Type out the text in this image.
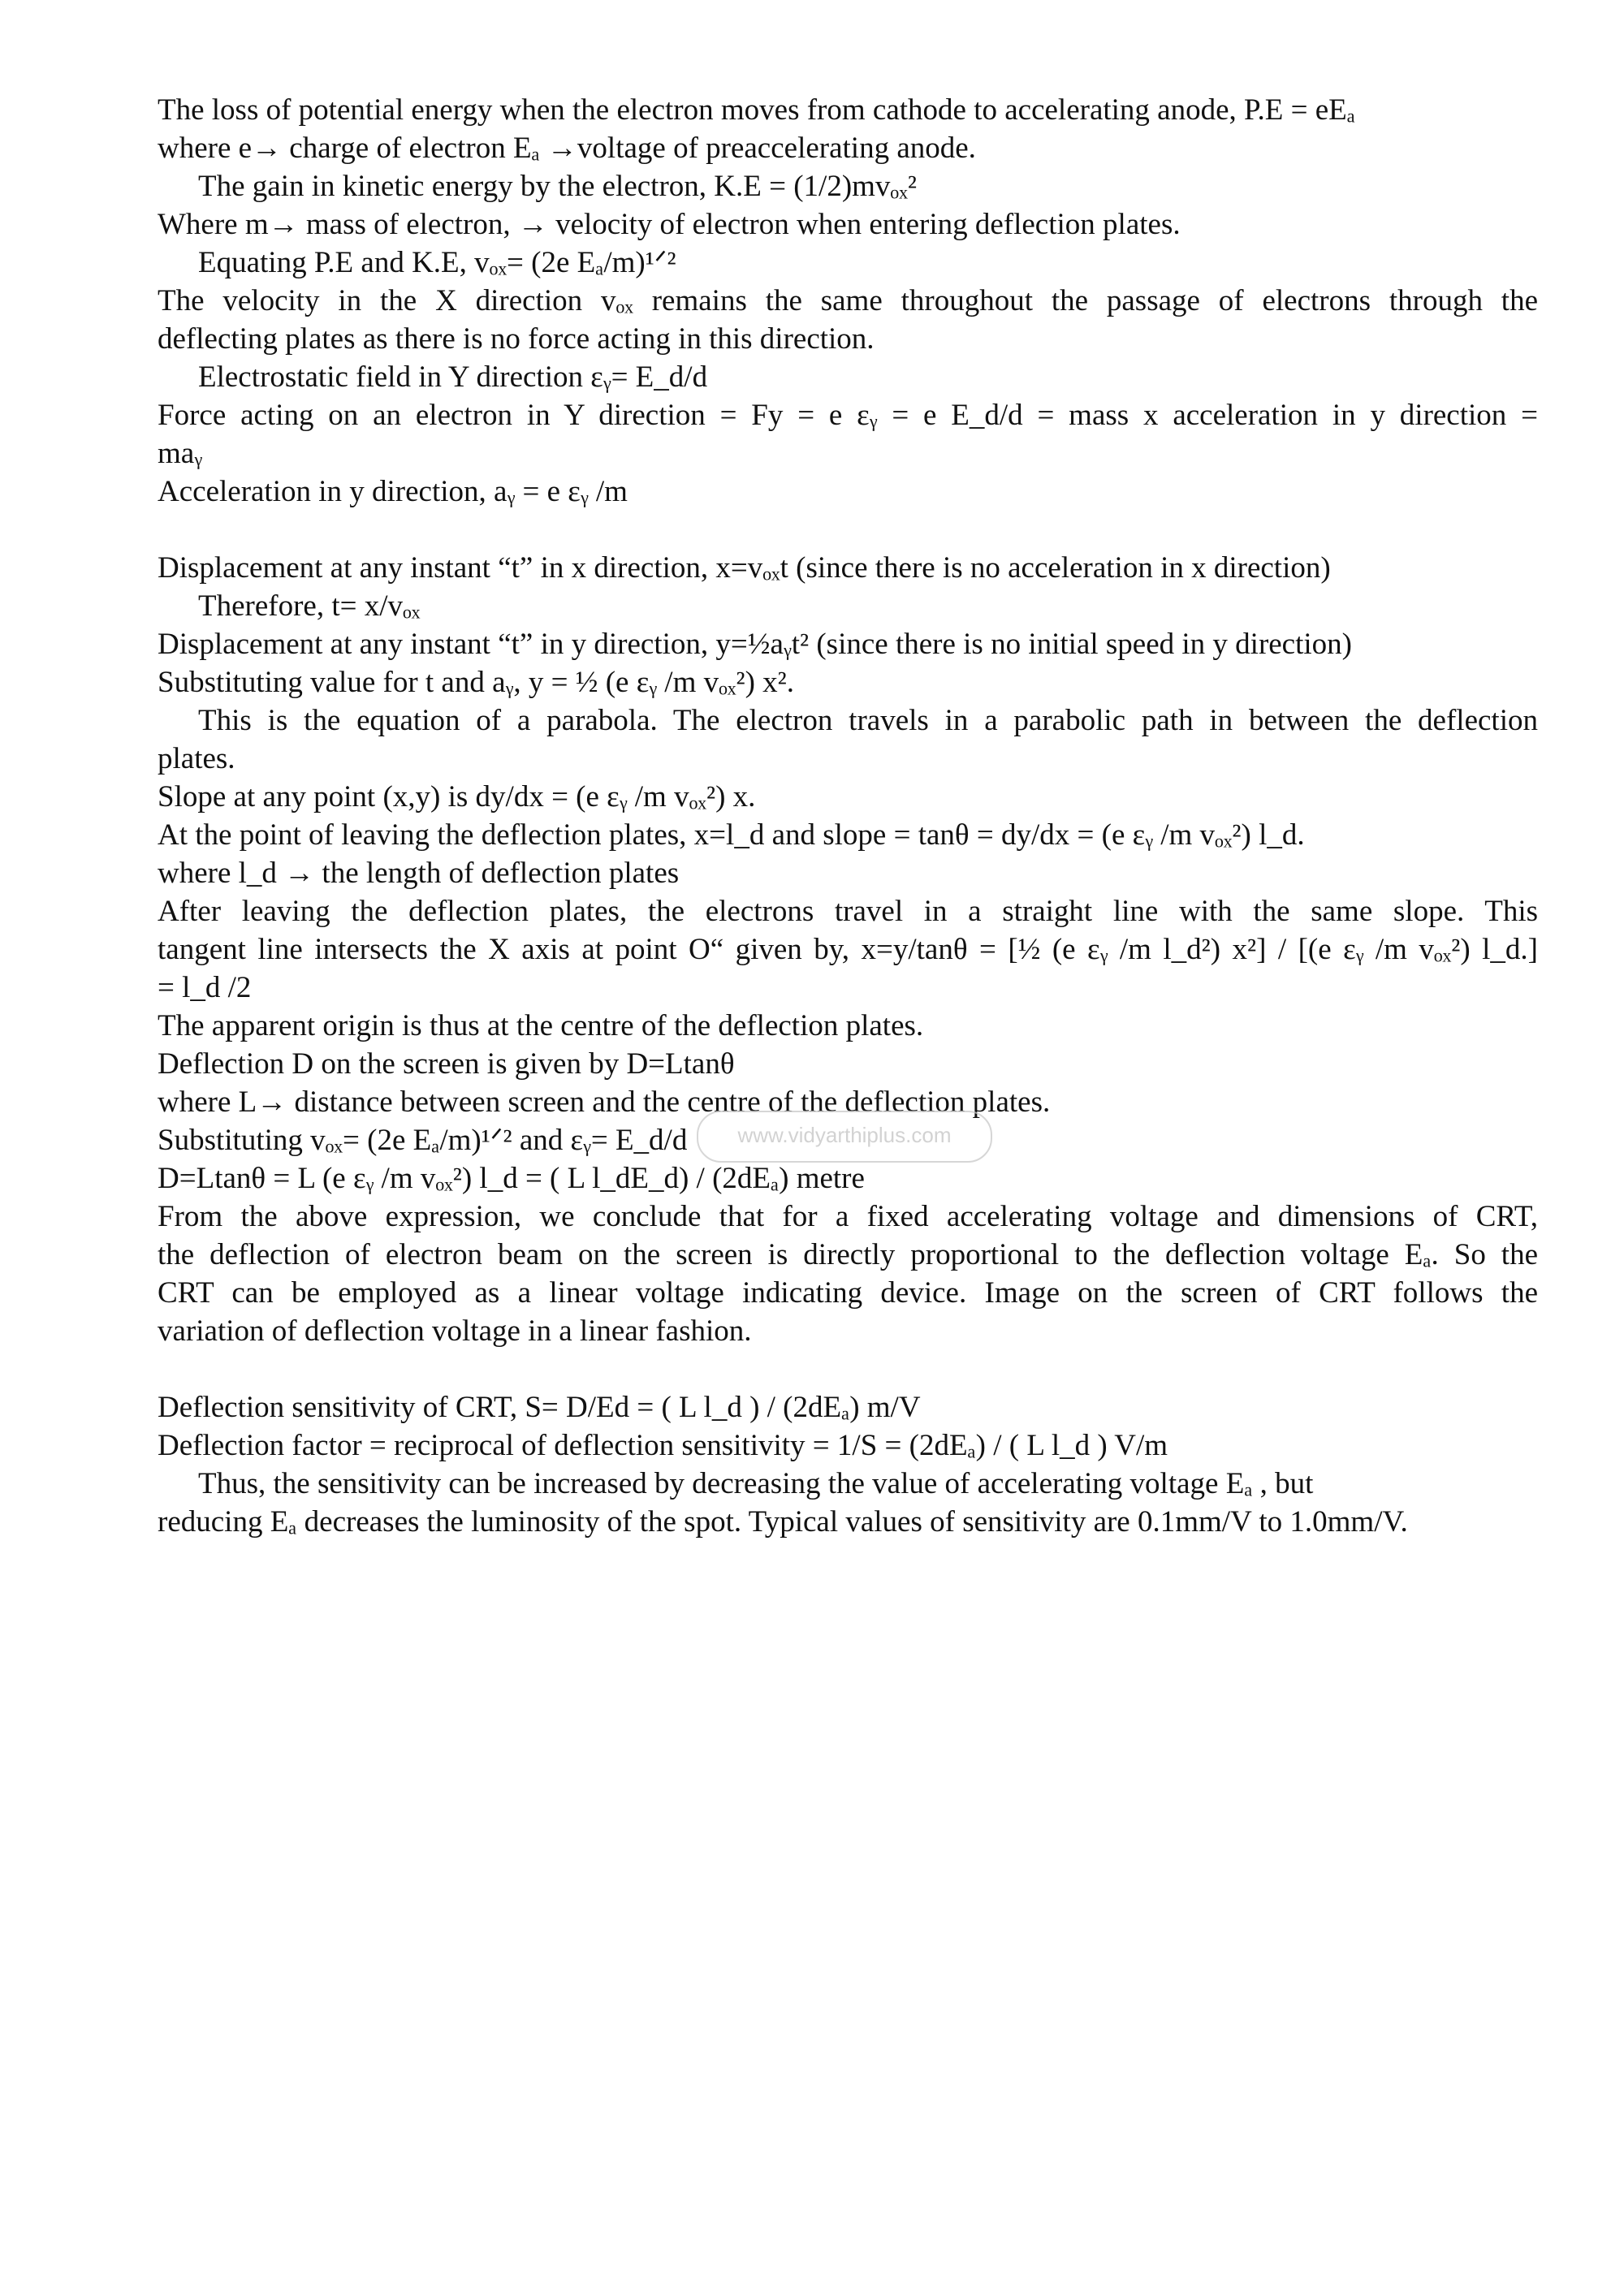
The loss of potential energy when the electron moves from cathode to accelerating anode, P.E = eEₐ
where e→ charge of electron Eₐ →voltage of preaccelerating anode.
The gain in kinetic energy by the electron, K.E = (1/2)mvₒₓ²
Where m→ mass of electron, → velocity of electron when entering deflection plates.
Equating P.E and K.E, vₒₓ= (2e Eₐ/m)¹ᐟ²
The velocity in the X direction vₒₓ remains the same throughout the passage of electrons through the
deflecting plates as there is no force acting in this direction.
Electrostatic field in Y direction εᵧ= E_d/d
Force acting on an electron in Y direction = Fy = e εᵧ = e E_d/d = mass x acceleration in y direction =
maᵧ
Acceleration in y direction, aᵧ = e εᵧ /m
Displacement at any instant “t” in x direction, x=vₒₓt (since there is no acceleration in x direction)
Therefore, t= x/vₒₓ
Displacement at any instant “t” in y direction, y=½aᵧt² (since there is no initial speed in y direction)
Substituting value for t and aᵧ, y = ½ (e εᵧ /m vₒₓ²) x².
This is the equation of a parabola. The electron travels in a parabolic path in between the deflection
plates.
Slope at any point (x,y) is dy/dx = (e εᵧ /m vₒₓ²) x.
At the point of leaving the deflection plates, x=l_d and slope = tanθ = dy/dx = (e εᵧ /m vₒₓ²) l_d.
where l_d → the length of deflection plates
After leaving the deflection plates, the electrons travel in a straight line with the same slope. This
tangent line intersects the X axis at point O“ given by, x=y/tanθ = [½ (e εᵧ /m l_d²) x²] / [(e εᵧ /m vₒₓ²) l_d.]
= l_d /2
The apparent origin is thus at the centre of the deflection plates.
Deflection D on the screen is given by D=Ltanθ
where L→ distance between screen and the centre of the deflection plates.
Substituting vₒₓ= (2e Eₐ/m)¹ᐟ² and εᵧ= E_d/d
D=Ltanθ = L (e εᵧ /m vₒₓ²) l_d = ( L l_dE_d) / (2dEₐ) metre
From the above expression, we conclude that for a fixed accelerating voltage and dimensions of CRT,
the deflection of electron beam on the screen is directly proportional to the deflection voltage Eₐ. So the
CRT can be employed as a linear voltage indicating device. Image on the screen of CRT follows the
variation of deflection voltage in a linear fashion.
Deflection sensitivity of CRT, S= D/Ed = ( L l_d ) / (2dEₐ) m/V
Deflection factor = reciprocal of deflection sensitivity = 1/S = (2dEₐ) / ( L l_d ) V/m
Thus, the sensitivity can be increased by decreasing the value of accelerating voltage Eₐ , but
reducing Eₐ decreases the luminosity of the spot. Typical values of sensitivity are 0.1mm/V to 1.0mm/V.
www.vidyarthiplus.com
